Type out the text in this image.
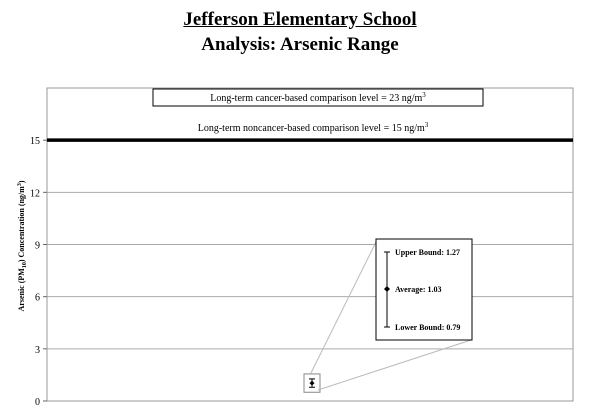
Jefferson Elementary School
Analysis: Arsenic Range
0
3
6
9
12
15
Arsenic $(PM_{10})$ Concentration $(ng/m^3)$
Long-term cancer-based comparison level = 23 $ng/m^3$
Long-term noncancer-based comparison level = 15 $ng/m^3$
Upper Bound: 1.27
Average: 1.03
Lower Bound: 0.79
